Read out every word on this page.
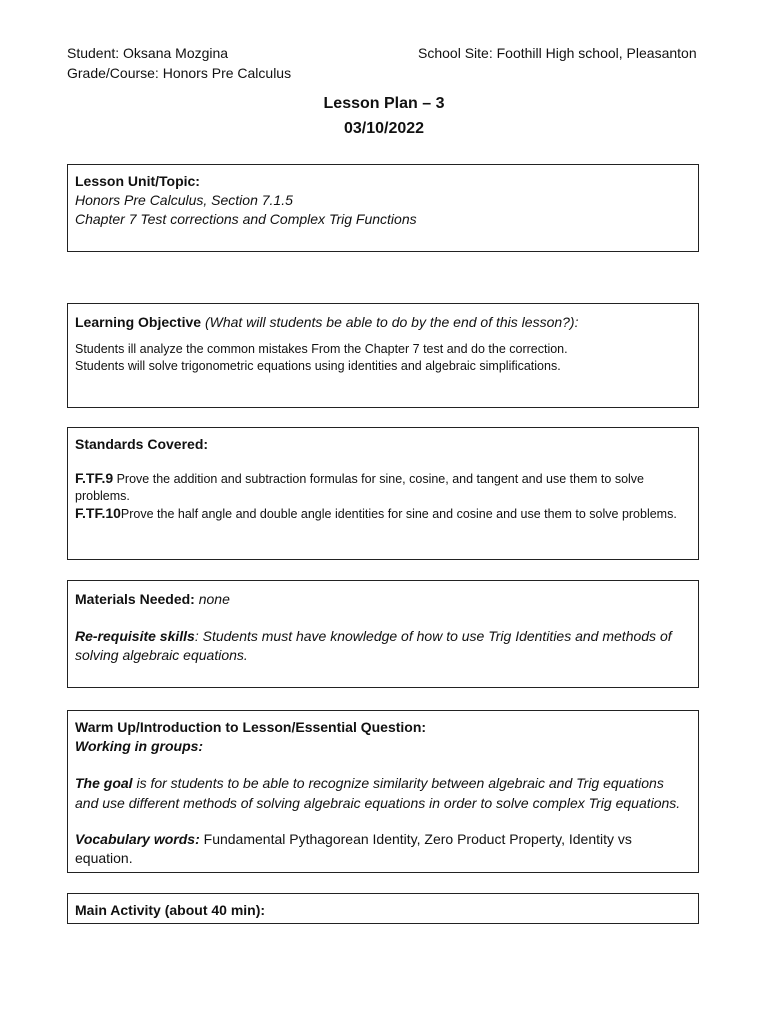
Student: Oksana Mozgina	School Site: Foothill High school, Pleasanton
Grade/Course: Honors Pre Calculus
Lesson Plan – 3
03/10/2022

Lesson Unit/Topic:

Honors Pre Calculus, Section 7.1.5

Chapter 7 Test corrections and Complex Trig Functions

Learning Objective (What will students be able to do by the end of this lesson?):

Students ill analyze the common mistakes From the Chapter 7 test and do the correction.

Students will solve trigonometric equations using identities and algebraic simplifications.

Standards Covered:

F.TF.9 Prove the addition and subtraction formulas for sine, cosine, and tangent and use them to solve problems.

F.TF.10Prove the half angle and double angle identities for sine and cosine and use them to solve problems.

Materials Needed: none

Re-requisite skills: Students must have knowledge of how to use Trig Identities and methods of solving algebraic equations.

Warm Up/Introduction to Lesson/Essential Question:

Working in groups:

The goal is for students to be able to recognize similarity between algebraic and Trig equations and use different methods of solving algebraic equations in order to solve complex Trig equations.

Vocabulary words: Fundamental Pythagorean Identity, Zero Product Property, Identity vs equation.

Main Activity (about 40 min):
